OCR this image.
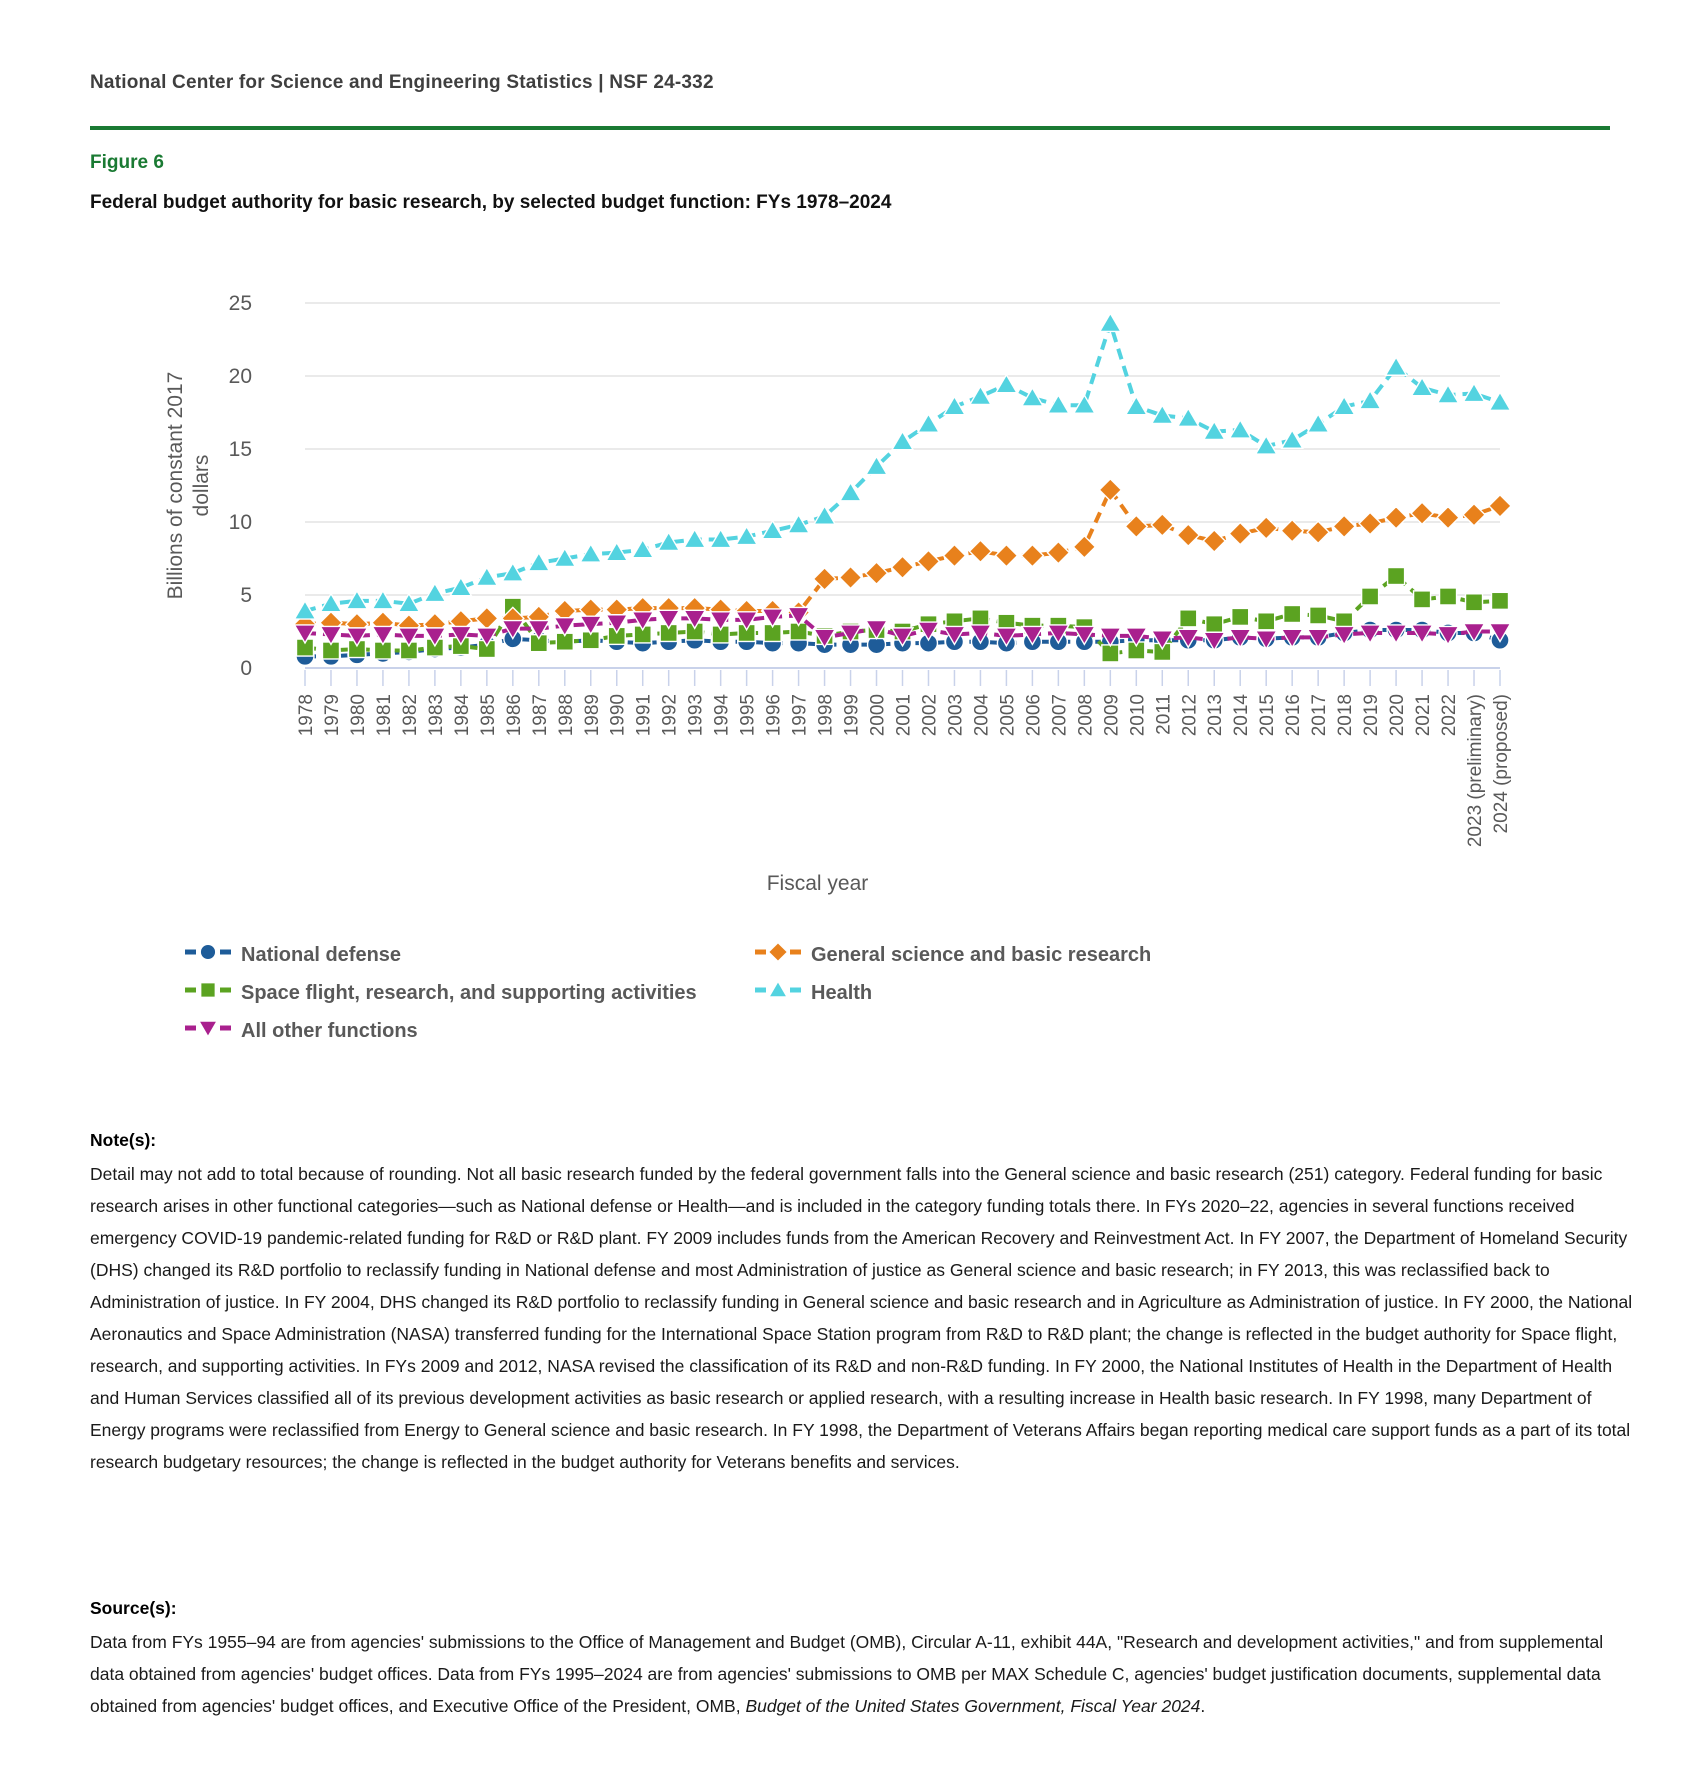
National Center for Science and Engineering Statistics | NSF 24-332
Figure 6
Federal budget authority for basic research, by selected budget function: FYs 1978–2024
0
5
10
15
20
25
1978 1979 1980 1981 1982 1983 1984 1985 1986 1987 1988 1989 1990 1991 1992 1993 1994 1995 1996 1997 1998 1999 2000 2001 2002 2003 2004 2005 2006 2007 2008 2009 2010 2011 2012 2013 2014 2015 2016 2017 2018 2019 2020 2021 2022 2023 (preliminary) 2024 (proposed)
Billions of constant 2017 dollars
Fiscal year
National defense	General science and basic research
Space flight, research, and supporting activities	Health
All other functions
Note(s):
Detail may not add to total because of rounding. Not all basic research funded by the federal government falls into the General science and basic research (251) category. Federal funding for basic research arises in other functional categories—such as National defense or Health—and is included in the category funding totals there. In FYs 2020–22, agencies in several functions received emergency COVID-19 pandemic-related funding for R&D or R&D plant. FY 2009 includes funds from the American Recovery and Reinvestment Act. In FY 2007, the Department of Homeland Security (DHS) changed its R&D portfolio to reclassify funding in National defense and most Administration of justice as General science and basic research; in FY 2013, this was reclassified back to Administration of justice. In FY 2004, DHS changed its R&D portfolio to reclassify funding in General science and basic research and in Agriculture as Administration of justice. In FY 2000, the National Aeronautics and Space Administration (NASA) transferred funding for the International Space Station program from R&D to R&D plant; the change is reflected in the budget authority for Space flight, research, and supporting activities. In FYs 2009 and 2012, NASA revised the classification of its R&D and non-R&D funding. In FY 2000, the National Institutes of Health in the Department of Health and Human Services classified all of its previous development activities as basic research or applied research, with a resulting increase in Health basic research. In FY 1998, many Department of Energy programs were reclassified from Energy to General science and basic research. In FY 1998, the Department of Veterans Affairs began reporting medical care support funds as a part of its total research budgetary resources; the change is reflected in the budget authority for Veterans benefits and services.
Source(s):
Data from FYs 1955–94 are from agencies' submissions to the Office of Management and Budget (OMB), Circular A-11, exhibit 44A, "Research and development activities," and from supplemental data obtained from agencies' budget offices. Data from FYs 1995–2024 are from agencies' submissions to OMB per MAX Schedule C, agencies' budget justification documents, supplemental data obtained from agencies' budget offices, and Executive Office of the President, OMB, Budget of the United States Government, Fiscal Year 2024.
